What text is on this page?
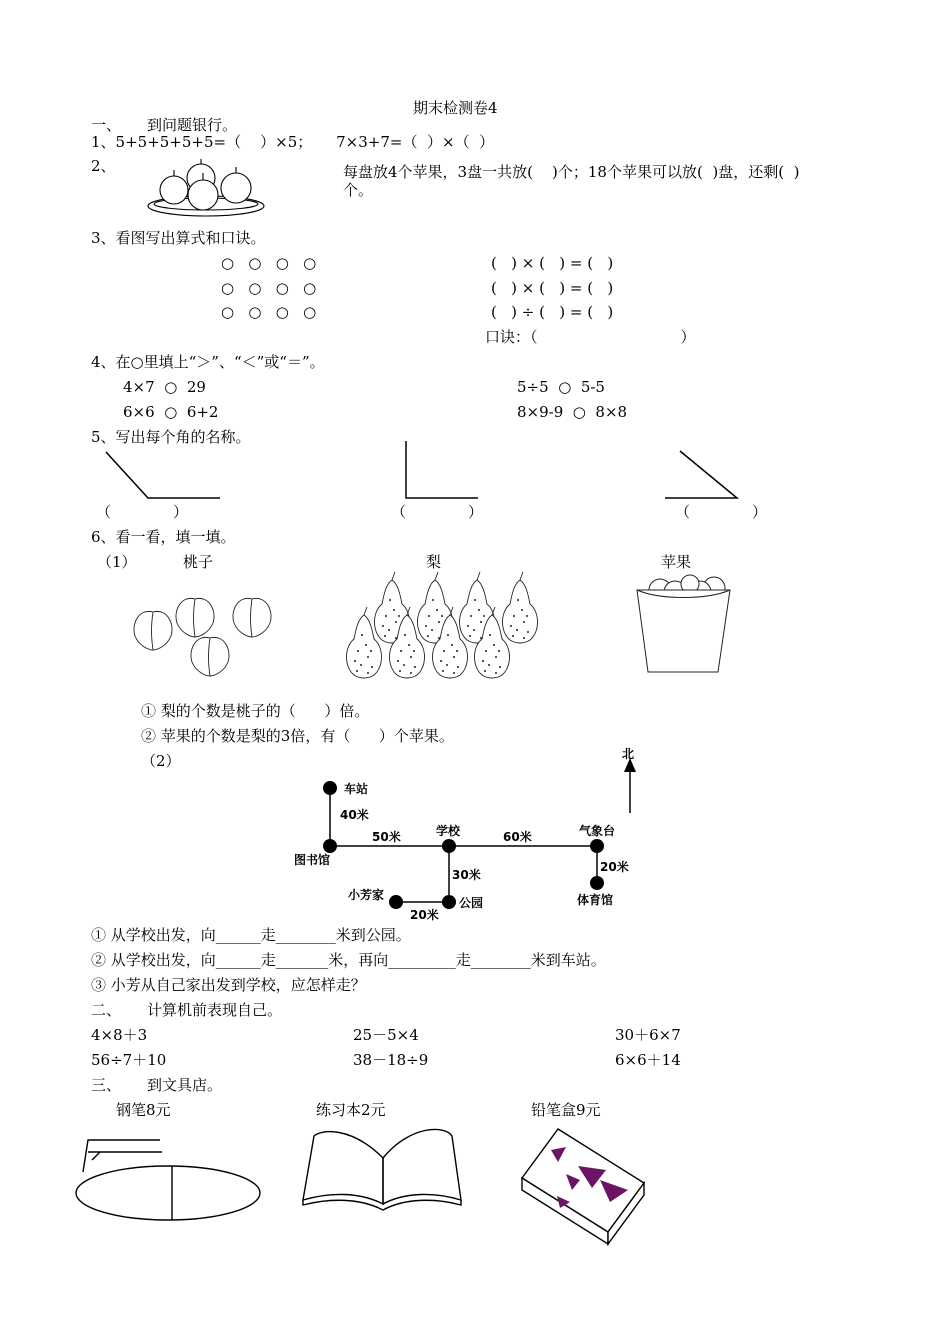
期末检测卷4
一、 到问题银行。
1、5+5+5+5+5=（    ）×5；     7×3+7=（  ）×（  ）
2、	每盘放4个苹果，3盘一共放(    )个；18个苹果可以放(  )盘，还剩(  )
个。
3、看图写出算式和口诀。
○   ○   ○   ○
○   ○   ○   ○
○   ○   ○   ○
(   ) × (   ) = (   )
(   ) × (   ) = (   )
(   ) ÷ (   ) = (   )
口诀：（                              ）
4、在○里填上“＞”、“＜”或“＝”。
4×7  ○  29	5÷5  ○  5-5
6×6  ○  6+2	8×9-9  ○  8×8
5、写出每个角的名称。
（             ）	（             ）	（             ）
6、看一看，填一填。
（1）	桃子	梨	苹果
① 梨的个数是桃子的（      ）倍。
② 苹果的个数是梨的3倍，有（      ）个苹果。
（2）	北
车站
图书馆
学校	气象台
小芳家
公园	体育馆
40米
50米	60米
30米
20米
20米
① 从学校出发，向______走________米到公园。
② 从学校出发，向______走_______米，再向_________走________米到车站。
③ 小芳从自己家出发到学校，应怎样走？
二、 计算机前表现自己。
4×8＋3	25－5×4	30＋6×7
56÷7＋10	38－18÷9	6×6＋14
三、 到文具店。
钢笔8元	练习本2元	铅笔盒9元
